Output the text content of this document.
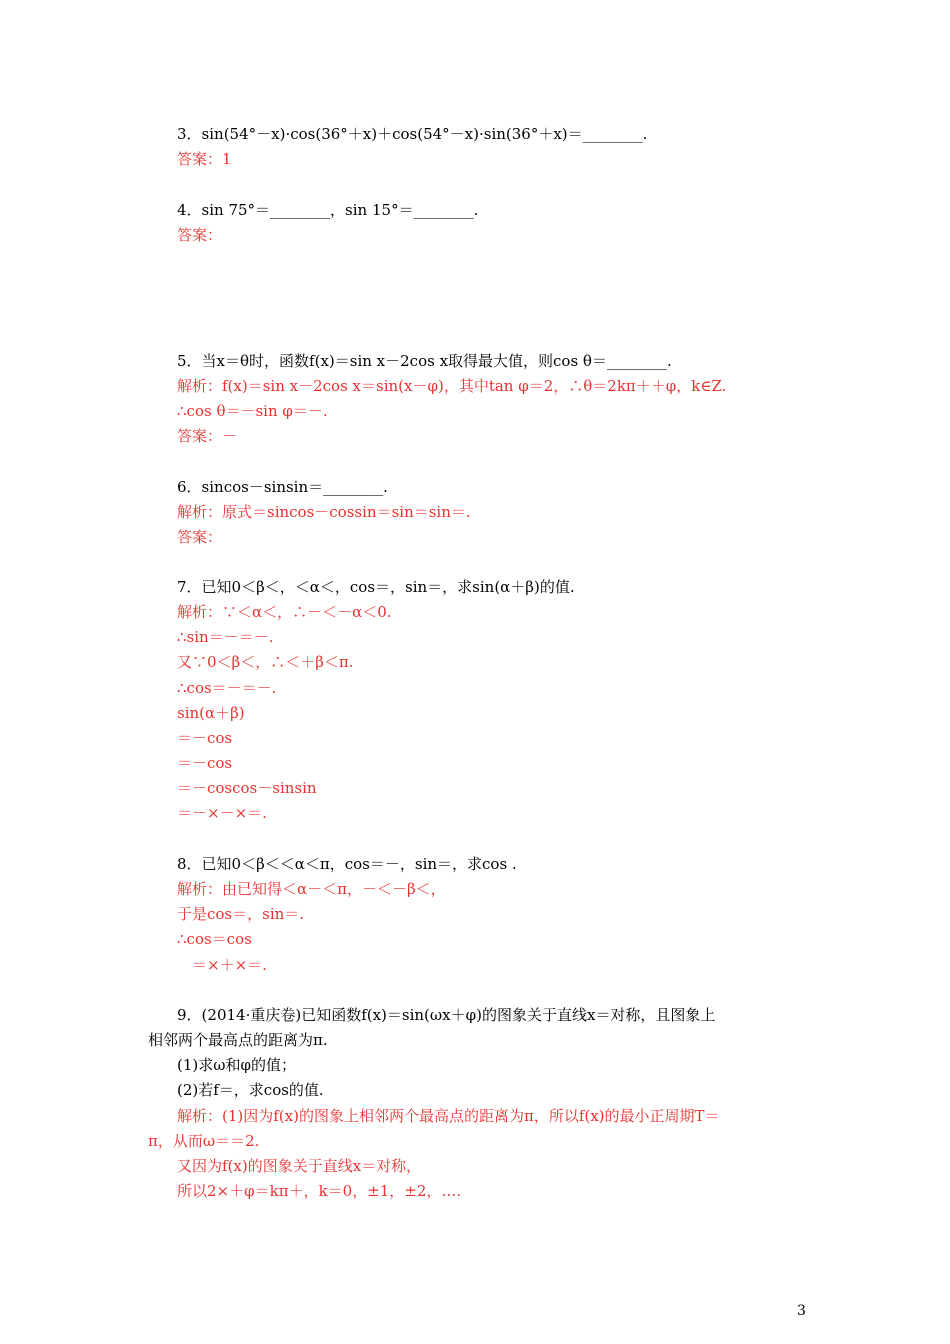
3．sin(54°－x)·cos(36°＋x)＋cos(54°－x)·sin(36°＋x)＝________.
答案：1
4．sin 75°＝________，sin 15°＝________.
答案：
5．当x＝θ时，函数f(x)＝sin x－2cos x取得最大值，则cos θ＝________.
解析：f(x)＝sin x－2cos x＝sin(x－φ)，其中tan φ＝2，∴θ＝2kπ＋＋φ，k∈Z.
∴cos θ＝－sin φ＝－.
答案：－
6．sincos－sinsin＝________.
解析：原式＝sincos－cossin＝sin＝sin＝.
答案：
7．已知0＜β＜，＜α＜，cos＝，sin＝，求sin(α＋β)的值.
解析：∵＜α＜，∴－＜－α＜0.
∴sin＝－＝－.
又∵0＜β＜，∴＜＋β＜π.
∴cos＝－＝－.
sin(α＋β)
＝－cos
＝－cos
＝－coscos－sinsin
＝－×－×＝.
8．已知0＜β＜＜α＜π，cos＝－，sin＝，求cos .
解析：由已知得＜α－＜π，－＜－β＜，
于是cos＝，sin＝.
∴cos＝cos
　＝×＋×＝.
9．(2014·重庆卷)已知函数f(x)＝sin(ωx＋φ)的图象关于直线x＝对称，且图象上
相邻两个最高点的距离为π.
(1)求ω和φ的值；
(2)若f＝，求cos的值.
解析：(1)因为f(x)的图象上相邻两个最高点的距离为π，所以f(x)的最小正周期T＝
π，从而ω＝＝2.
又因为f(x)的图象关于直线x＝对称，
所以2×＋φ＝kπ＋，k＝0，±1，±2，….
3
